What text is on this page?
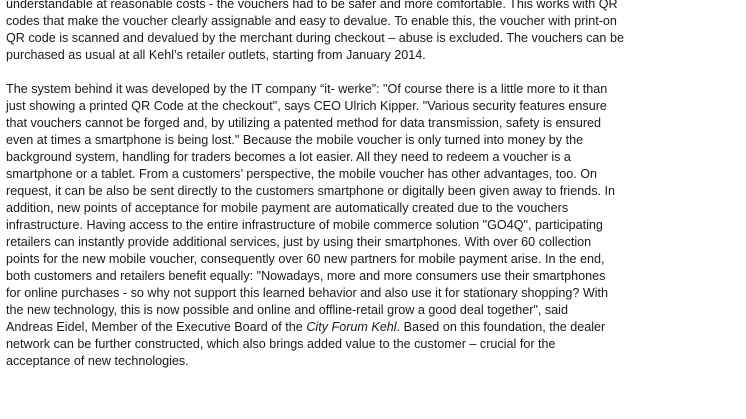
understandable at reasonable costs - the vouchers had to be safer and more comfortable. This works with QR
codes that make the voucher clearly assignable and easy to devalue. To enable this, the voucher with print-on
QR code is scanned and devalued by the merchant during checkout – abuse is excluded. The vouchers can be
purchased as usual at all Kehl’s retailer outlets, starting from January 2014.
The system behind it was developed by the IT company “it- werke”: "Of course there is a little more to it than
just showing a printed QR Code at the checkout", says CEO Ulrich Kipper. "Various security features ensure
that vouchers cannot be forged and, by utilizing a patented method for data transmission, safety is ensured
even at times a smartphone is being lost." Because the mobile voucher is only turned into money by the
background system, handling for traders becomes a lot easier. All they need to redeem a voucher is a
smartphone or a tablet. From a customers’ perspective, the mobile voucher has other advantages, too. On
request, it can be also be sent directly to the customers smartphone or digitally been given away to friends. In
addition, new points of acceptance for mobile payment are automatically created due to the vouchers
infrastructure. Having access to the entire infrastructure of mobile commerce solution "GO4Q", participating
retailers can instantly provide additional services, just by using their smartphones. With over 60 collection
points for the new mobile voucher, consequently over 60 new partners for mobile payment arise. In the end,
both customers and retailers benefit equally: "Nowadays, more and more consumers use their smartphones
for online purchases - so why not support this learned behavior and also use it for stationary shopping? With
the new technology, this is now possible and online and offline-retail grow a good deal together", said
Andreas Eidel, Member of the Executive Board of the City Forum Kehl. Based on this foundation, the dealer
network can be further constructed, which also brings added value to the customer – crucial for the
acceptance of new technologies.
